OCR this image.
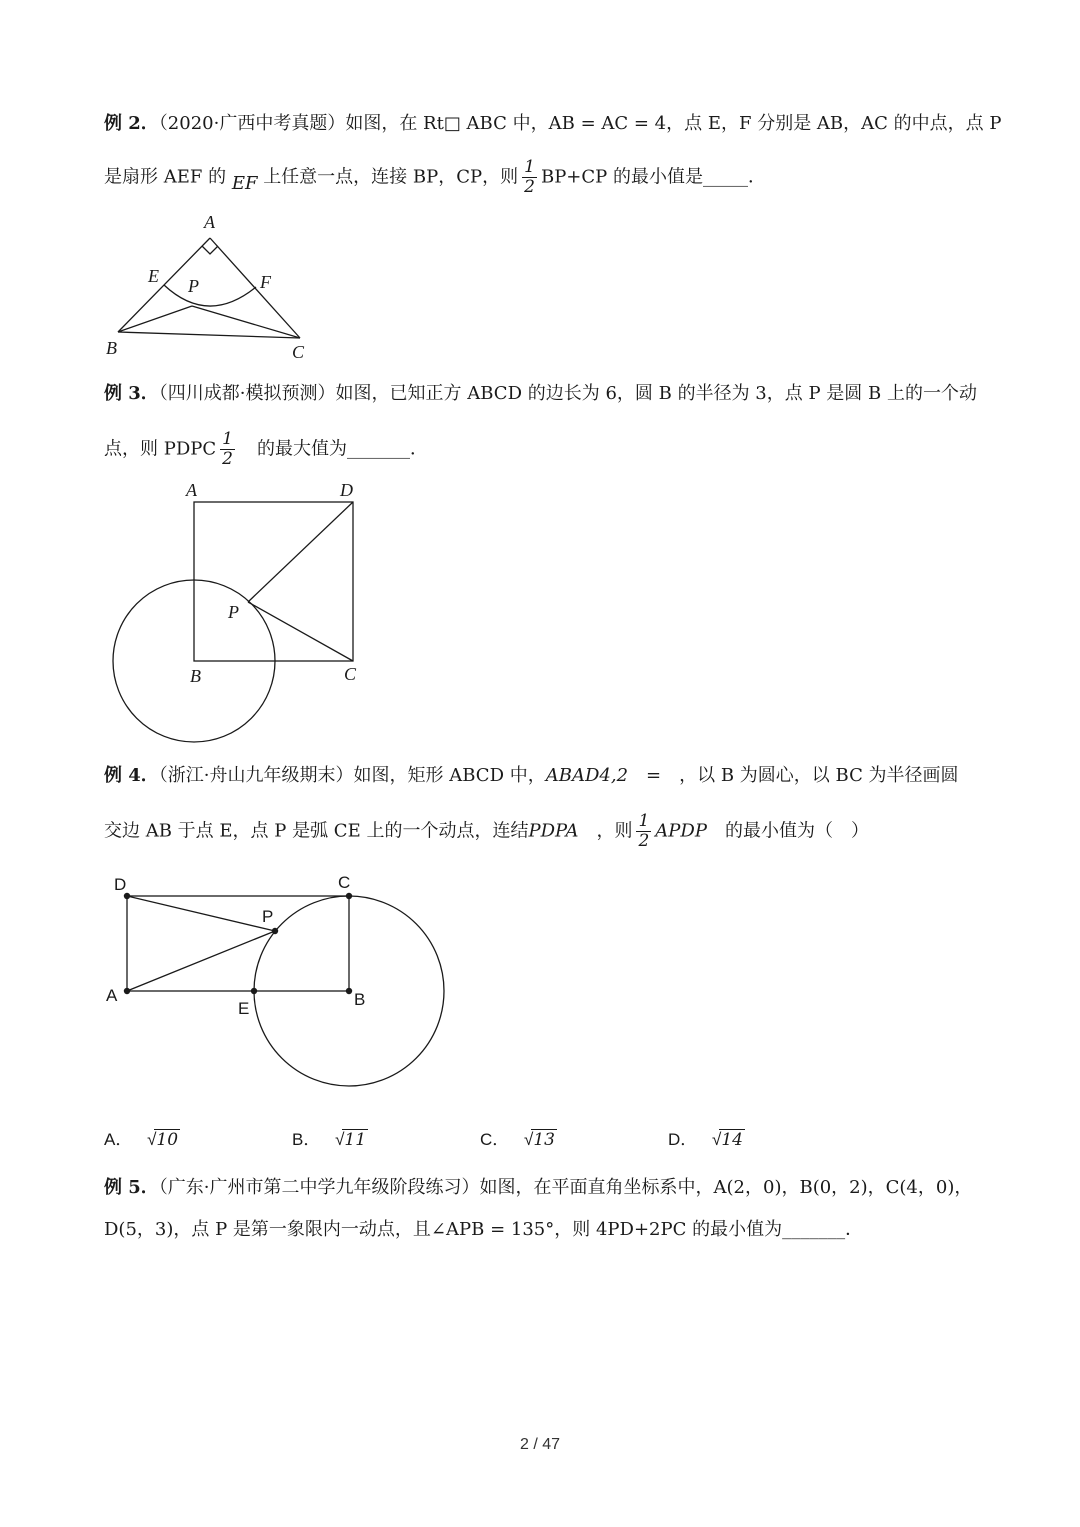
例 2．（2020·广西中考真题）如图，在 Rt□ ABC 中，AB = AC = 4，点 E，F 分别是 AB，AC 的中点，点 P
是扇形 AEF 的 EF 上任意一点，连接 BP，CP，则 $\frac{1}{2} BP+CP$ 的最小值是_____．
A
E	F
P
B	C
例 3．（四川成都·模拟预测）如图，已知正方 ABCD 的边长为 6，圆 B 的半径为 3，点 P 是圆 B 上的一个动
点，则 PDPC $\frac{1}{2}$
　 的最大值为_______．
A	D
P
B	C
例 4．（浙江·舟山九年级期末）如图，矩形 ABCD 中，ABAD4,2　 =　，以 B 为圆心，以 BC 为半径画圆
交边 AB 于点 E，点 P 是弧 CE 上的一个动点，连结PDPA　 ，则 $\frac{1}{2}$ APDP　 的最小值为（　）
D	C
P
A
E	B
A． √10	B． √11	C． √13	D． √14
例 5．（广东·广州市第二中学九年级阶段练习）如图，在平面直角坐标系中，A(2，0)，B(0，2)，C(4，0)，
D(5，3)，点 P 是第一象限内一动点，且∠APB = 135°，则 4PD+2PC 的最小值为_______．
2 / 47
